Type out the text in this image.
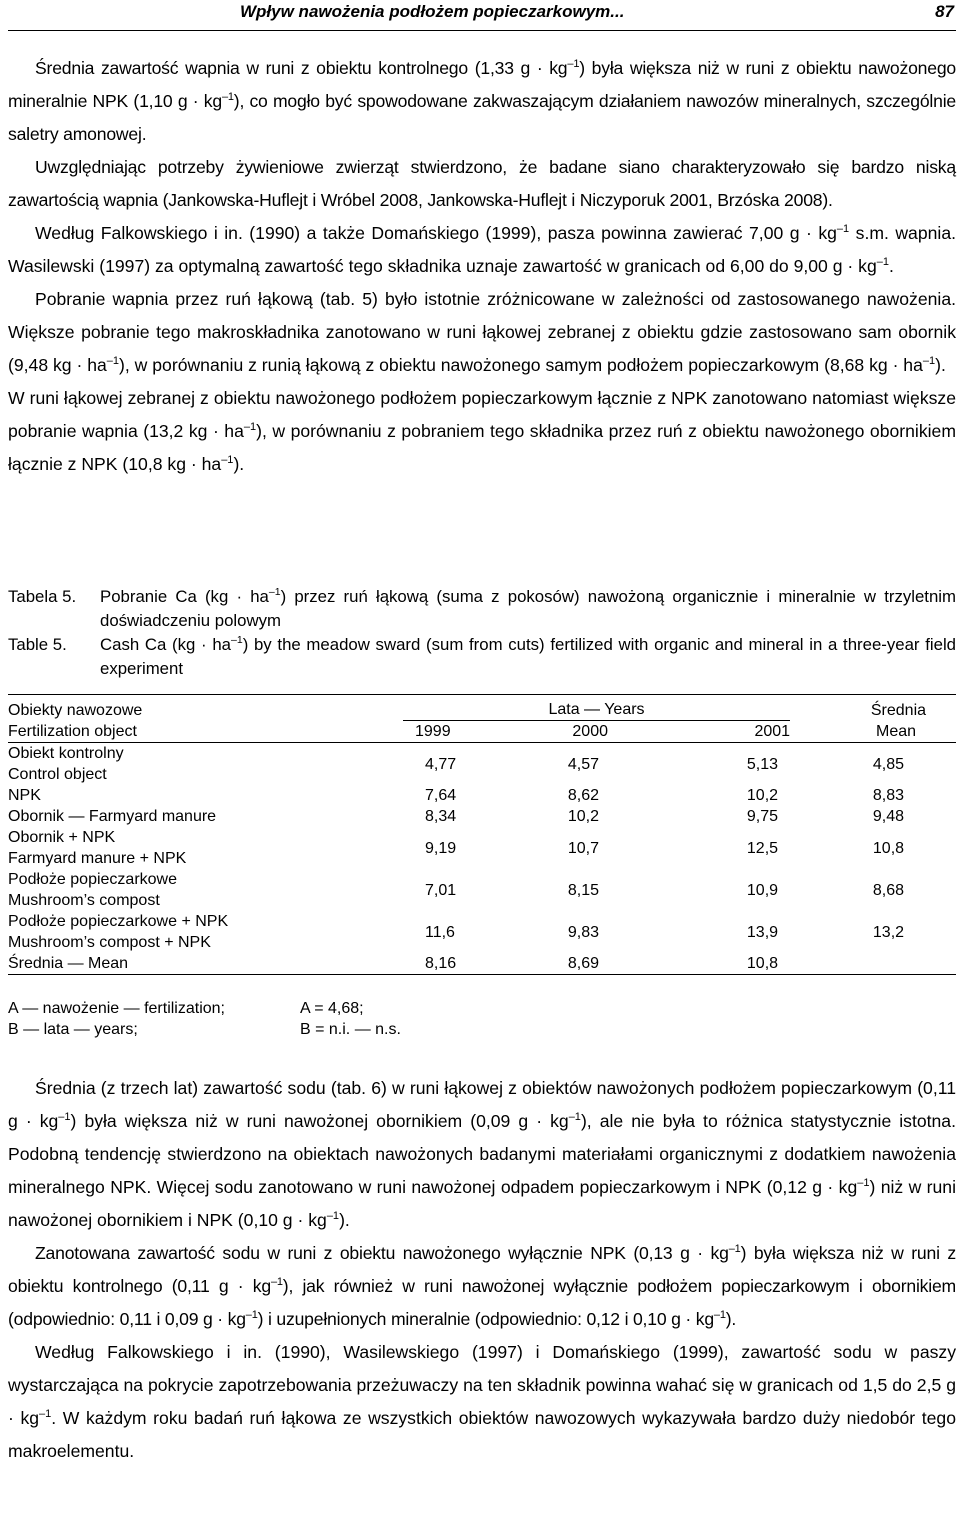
Wpływ nawożenia podłożem popieczarkowym...	87

Średnia zawartość wapnia w runi z obiektu kontrolnego (1,33 $g \cdot kg^{-1}$) była większa niż w runi z obiektu nawożonego mineralnie NPK (1,10 $g \cdot kg^{-1}$), co mogło być spowodowane zakwaszającym działaniem nawozów mineralnych, szczególnie saletry amonowej.

Uwzględniając potrzeby żywieniowe zwierząt stwierdzono, że badane siano charakteryzowało się bardzo niską zawartością wapnia (Jankowska-Huflejt i Wróbel 2008, Jankowska-Huflejt i Niczyporuk 2001, Brzóska 2008).

Według Falkowskiego i in. (1990) a także Domańskiego (1999), pasza powinna zawierać 7,00 $g \cdot kg^{-1}$ s.m. wapnia. Wasilewski (1997) za optymalną zawartość tego składnika uznaje zawartość w granicach od 6,00 do 9,00 $g \cdot kg^{-1}$.

Pobranie wapnia przez ruń łąkową (tab. 5) było istotnie zróżnicowane w zależności od zastosowanego nawożenia. Większe pobranie tego makroskładnika zanotowano w runi łąkowej zebranej z obiektu gdzie zastosowano sam obornik (9,48 kg · $ha^{-1}$), w porównaniu z runią łąkową z obiektu nawożonego samym podłożem popieczarkowym (8,68 kg · $ha^{-1}$).

W runi łąkowej zebranej z obiektu nawożonego podłożem popieczarkowym łącznie z NPK zanotowano natomiast większe pobranie wapnia (13,2 kg · $ha^{-1}$), w porównaniu z pobraniem tego składnika przez ruń z obiektu nawożonego obornikiem łącznie z NPK (10,8 kg · $ha^{-1}$).

Tabela 5.	Pobranie Ca $(kg \cdot ha^{-1})$ przez ruń łąkową (suma z pokosów) nawożoną organicznie i mineralnie w trzyletnim doświadczeniu polowym
Table 5.	Cash Ca $(kg \cdot ha^{-1})$ by the meadow sward (sum from cuts) fertilized with organic and mineral in a three-year field experiment
Obiekty nawozowe	Lata — Years			Średnia
Fertilization object	1999	2000	2001	Mean
Obiekt kontrolny
Control object	4,77	4,57	5,13	4,85
NPK	7,64	8,62	10,2	8,83
Obornik — Farmyard manure	8,34	10,2	9,75	9,48
Obornik + NPK
Farmyard manure + NPK	9,19	10,7	12,5	10,8
Podłoże popieczarkowe
Mushroom’s compost	7,01	8,15	10,9	8,68
Podłoże popieczarkowe + NPK
Mushroom’s compost + NPK	11,6	9,83	13,9	13,2
Średnia — Mean	8,16	8,69	10,8	
A — nawożenie — fertilization;	A = 4,68;
B — lata — years;	B = n.i. — n.s.

Średnia (z trzech lat) zawartość sodu (tab. 6) w runi łąkowej z obiektów nawożonych podłożem popieczarkowym (0,11 $g \cdot kg^{-1}$) była większa niż w runi nawożonej obornikiem (0,09 $g \cdot kg^{-1}$), ale nie była to różnica statystycznie istotna. Podobną tendencję stwierdzono na obiektach nawożonych badanymi materiałami organicznymi z dodatkiem nawożenia mineralnego NPK. Więcej sodu zanotowano w runi nawożonej odpadem popieczarkowym i NPK (0,12 $g \cdot kg^{-1}$) niż w runi nawożonej obornikiem i NPK (0,10 $g \cdot kg^{-1}$).

Zanotowana zawartość sodu w runi z obiektu nawożonego wyłącznie NPK (0,13 $g \cdot kg^{-1}$) była większa niż w runi z obiektu kontrolnego (0,11 $g \cdot kg^{-1}$), jak również w runi nawożonej wyłącznie podłożem popieczarkowym i obornikiem (odpowiednio: 0,11 i 0,09 $g \cdot kg^{-1}$) i uzupełnionych mineralnie (odpowiednio: 0,12 i 0,10 $g \cdot kg^{-1}$).

Według Falkowskiego i in. (1990), Wasilewskiego (1997) i Domańskiego (1999), zawartość sodu w paszy wystarczająca na pokrycie zapotrzebowania przeżuwaczy na ten składnik powinna wahać się w granicach od 1,5 do 2,5 $g \cdot kg^{-1}$. W każdym roku badań ruń łąkowa ze wszystkich obiektów nawozowych wykazywała bardzo duży niedobór tego makroelementu.
